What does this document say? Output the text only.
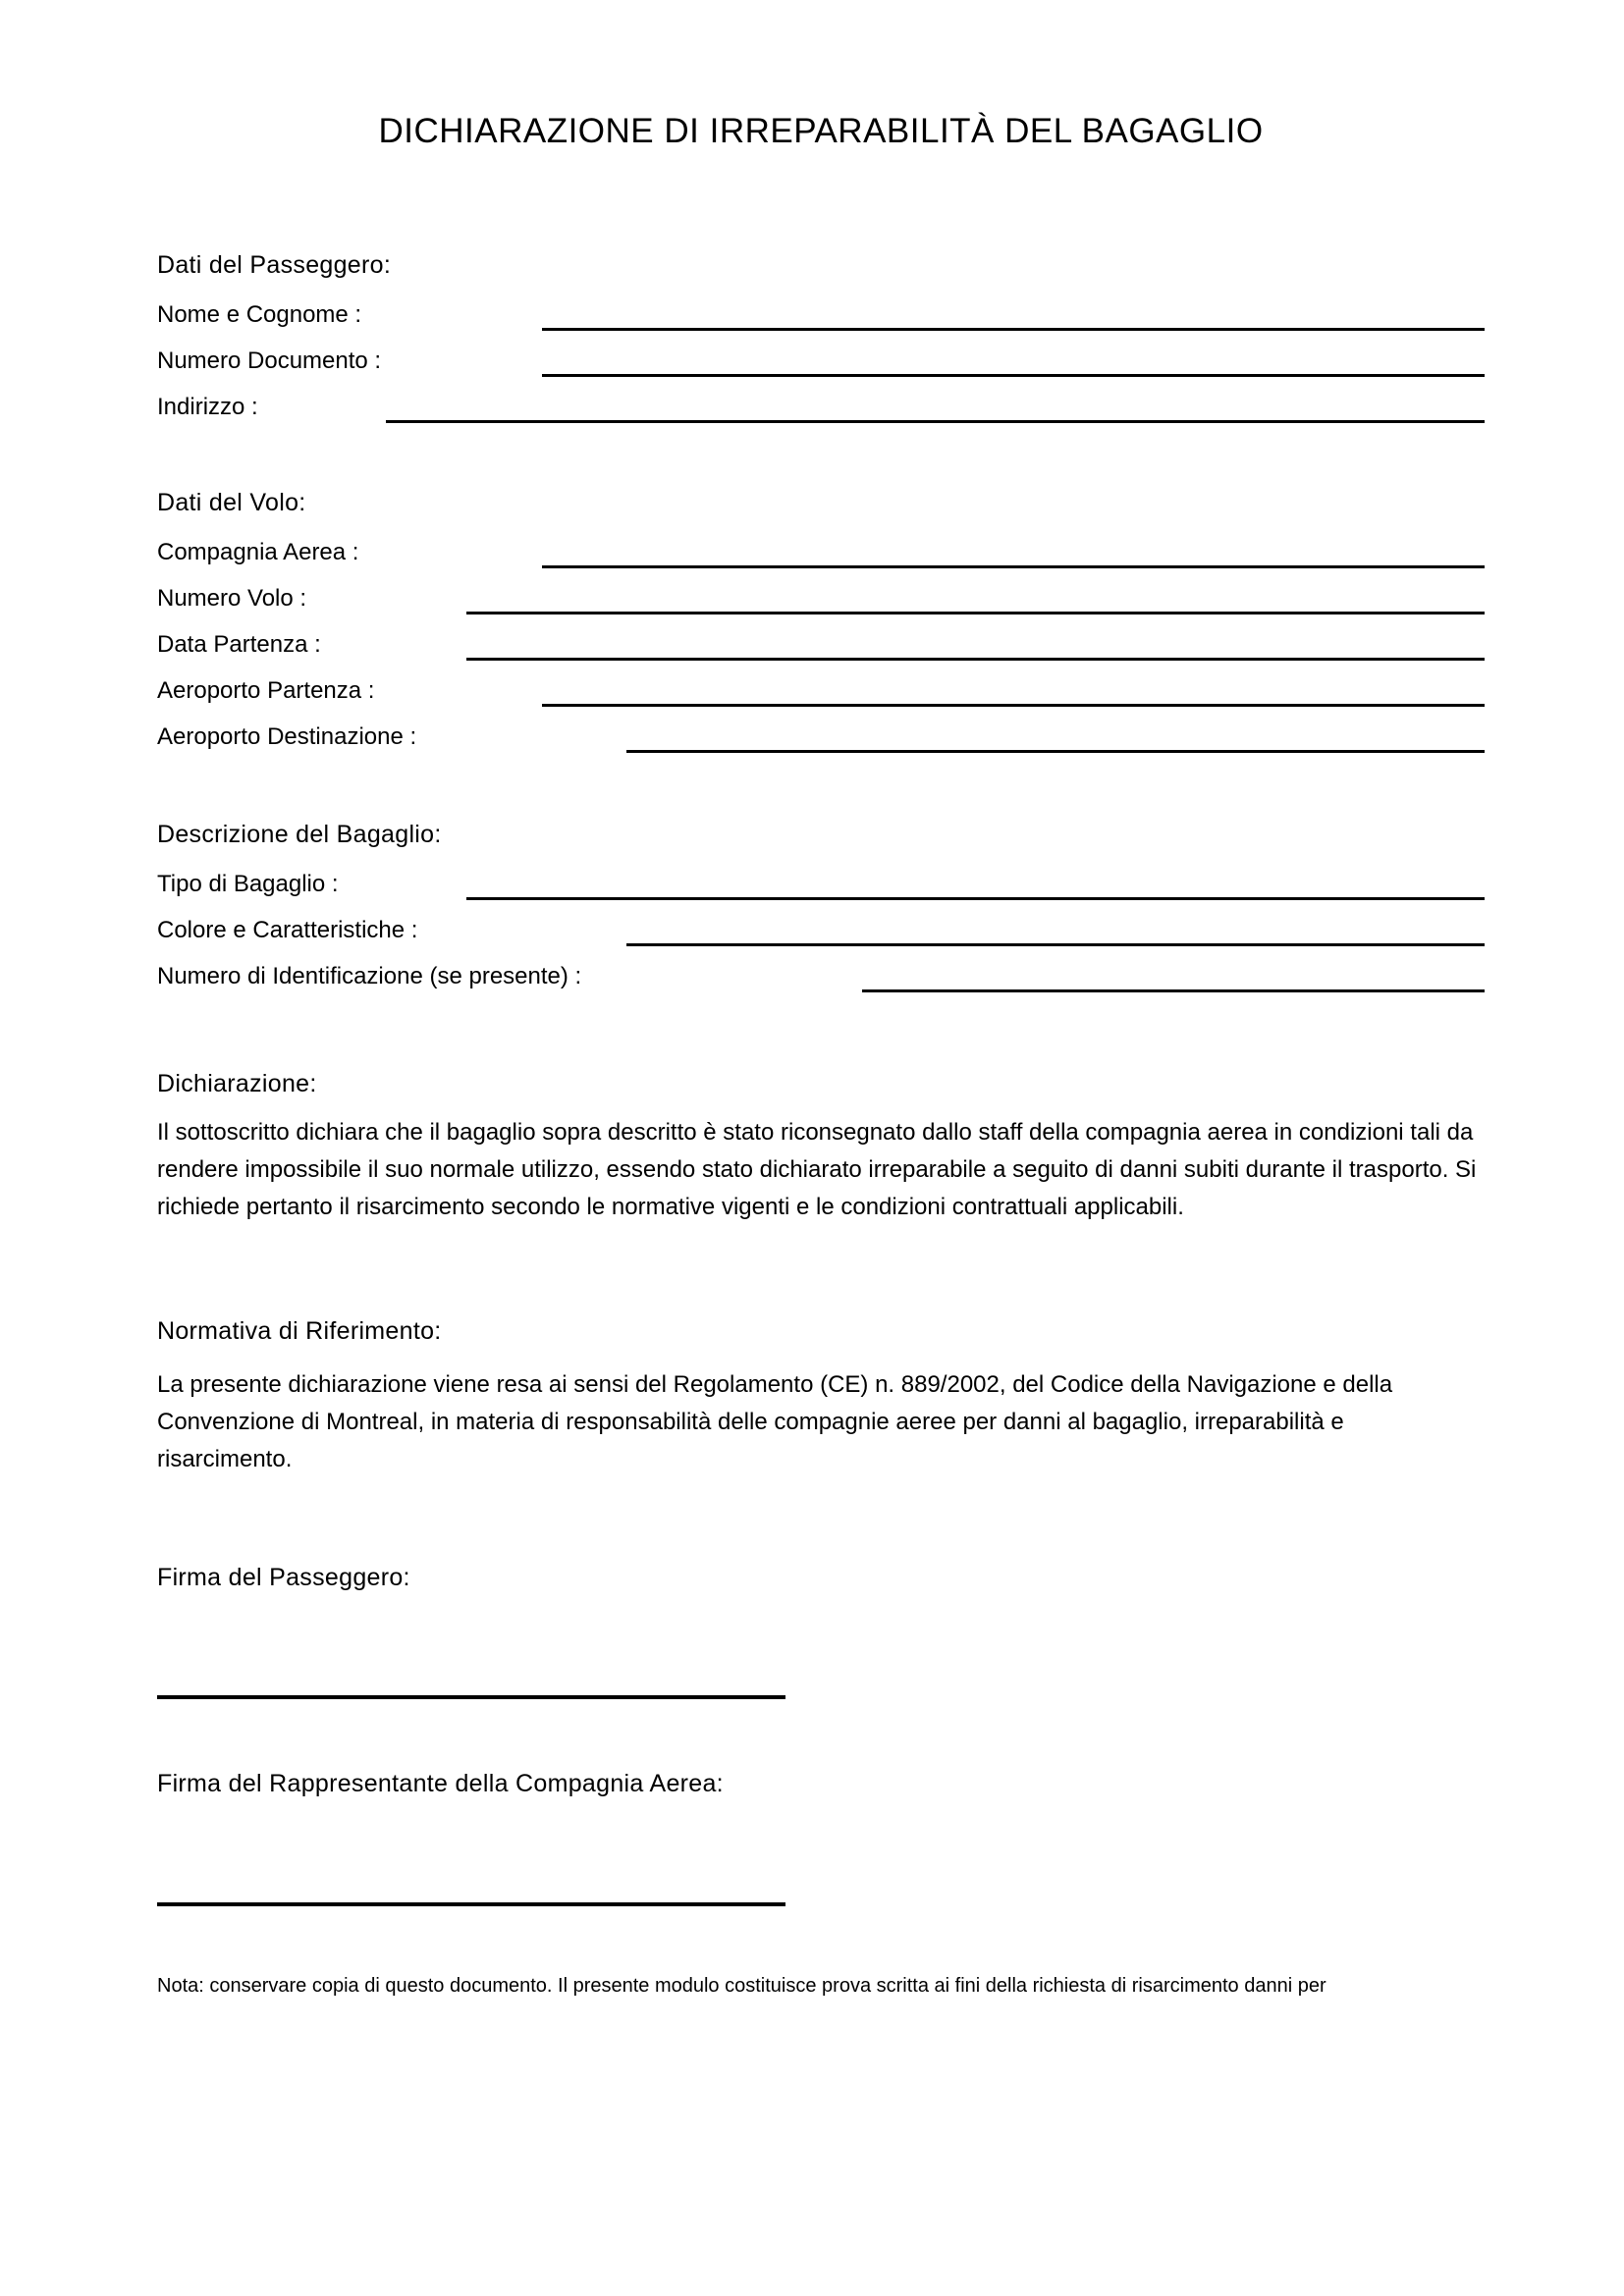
DICHIARAZIONE DI IRREPARABILITÀ DEL BAGAGLIO
Dati del Passeggero:
Nome e Cognome :
Numero Documento :
Indirizzo :
Dati del Volo:
Compagnia Aerea :
Numero Volo :
Data Partenza :
Aeroporto Partenza :
Aeroporto Destinazione :
Descrizione del Bagaglio:
Tipo di Bagaglio :
Colore e Caratteristiche :
Numero di Identificazione (se presente) :
Dichiarazione:

Il sottoscritto dichiara che il bagaglio sopra descritto è stato riconsegnato dallo staff della compagnia aerea in condizioni tali da rendere impossibile il suo normale utilizzo, essendo stato dichiarato irreparabile a seguito di danni subiti durante il trasporto. Si richiede pertanto il risarcimento secondo le normative vigenti e le condizioni contrattuali applicabili.

Normativa di Riferimento:

La presente dichiarazione viene resa ai sensi del Regolamento (CE) n. 889/2002, del Codice della Navigazione e della Convenzione di Montreal, in materia di responsabilità delle compagnie aeree per danni al bagaglio, irreparabilità e risarcimento.

Firma del Passeggero:
Firma del Rappresentante della Compagnia Aerea:
Nota: conservare copia di questo documento. Il presente modulo costituisce prova scritta ai fini della richiesta di risarcimento danni per
